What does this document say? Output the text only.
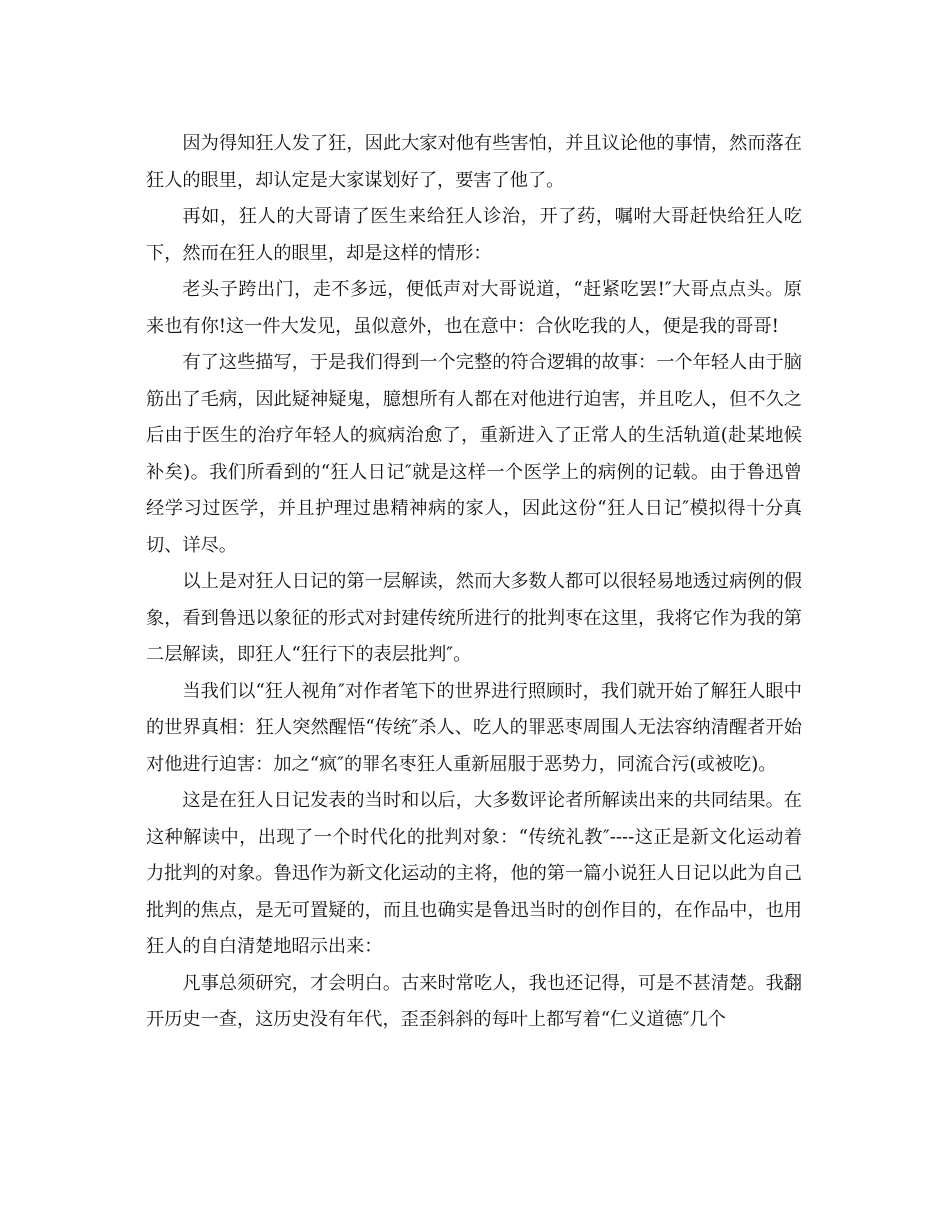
因为得知狂人发了狂，因此大家对他有些害怕，并且议论他的事情，然而落在狂人的眼里，却认定是大家谋划好了，要害了他了。

再如，狂人的大哥请了医生来给狂人诊治，开了药，嘱咐大哥赶快给狂人吃下，然而在狂人的眼里，却是这样的情形：

老头子跨出门，走不多远，便低声对大哥说道，“赶紧吃罢!″大哥点点头。原来也有你!这一件大发见，虽似意外，也在意中：合伙吃我的人，便是我的哥哥!

有了这些描写，于是我们得到一个完整的符合逻辑的故事：一个年轻人由于脑筋出了毛病，因此疑神疑鬼，臆想所有人都在对他进行迫害，并且吃人，但不久之后由于医生的治疗年轻人的疯病治愈了，重新进入了正常人的生活轨道(赴某地候补矣)。我们所看到的“狂人日记″就是这样一个医学上的病例的记载。由于鲁迅曾经学习过医学，并且护理过患精神病的家人，因此这份“狂人日记″模拟得十分真切、详尽。

以上是对狂人日记的第一层解读，然而大多数人都可以很轻易地透过病例的假象，看到鲁迅以象征的形式对封建传统所进行的批判枣在这里，我将它作为我的第二层解读，即狂人“狂行下的表层批判″。

当我们以“狂人视角″对作者笔下的世界进行照顾时，我们就开始了解狂人眼中的世界真相：狂人突然醒悟“传统″杀人、吃人的罪恶枣周围人无法容纳清醒者开始对他进行迫害：加之“疯″的罪名枣狂人重新屈服于恶势力，同流合污(或被吃)。

这是在狂人日记发表的当时和以后，大多数评论者所解读出来的共同结果。在这种解读中，出现了一个时代化的批判对象：“传统礼教″----这正是新文化运动着力批判的对象。鲁迅作为新文化运动的主将，他的第一篇小说狂人日记以此为自己批判的焦点，是无可置疑的，而且也确实是鲁迅当时的创作目的，在作品中，也用狂人的自白清楚地昭示出来：

凡事总须研究，才会明白。古来时常吃人，我也还记得，可是不甚清楚。我翻开历史一查，这历史没有年代，歪歪斜斜的每叶上都写着“仁义道德″几个
